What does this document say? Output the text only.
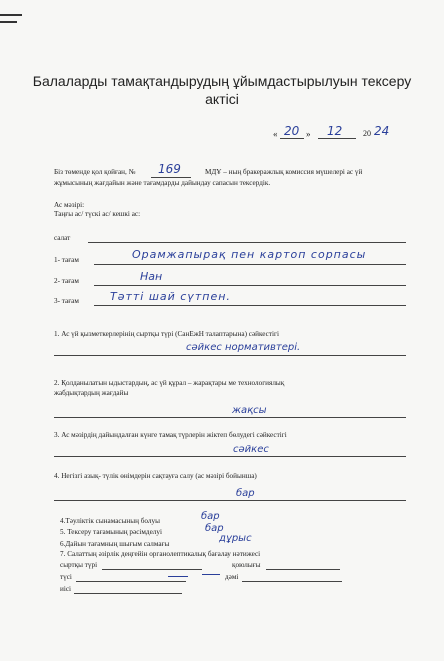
Балаларды тамақтандырудың ұйымдастырылуын тексеру
актісі
« 20 » 12	20 24
Біз төменде қол қойған, № 169	МДҰ – ның бракеражлық комиссия мүшелері ас үй
жұмысының жағдайын және тағамдарды дайындау сапасын тексердік.
Ас мәзірі:
Таңғы ас/ түскі ас/ кешкі ас:
салат
1- тағам	Орамжапырақ пен картоп сорпасы
2- тағам	Нан
3- тағам	Тәтті шай сүтпен.
1. Ас үй қызметкерлерінің сыртқы түрі (СанЕжН талаптарына) сәйкестігі
сәйкес нормативтері.
2. Қолданылатын ыдыстардың, ас үй құрал – жарақтары ме технологиялық
жабдықтардың жағдайы
жақсы
3. Ас мәзірдің дайындалған күнге тамақ түрлерін жіктеп бөлудегі сәйкестігі
сәйкес
4. Негізгі азық- түлік өнімдерін сақтауға салу (ас мәзірі бойынша)
бар
4.Тәуліктік сынамасының болуы	бар
5. Тексеру тағамының рәсімделуі	бар
6.Дайын тағамның шығым салмағы	дұрыс
7. Салаттың әзірлік деңгейін органолептикалық бағалау нәтижесі
сыртқы түрі	қоюлығы
түсі	дәмі
иісі
